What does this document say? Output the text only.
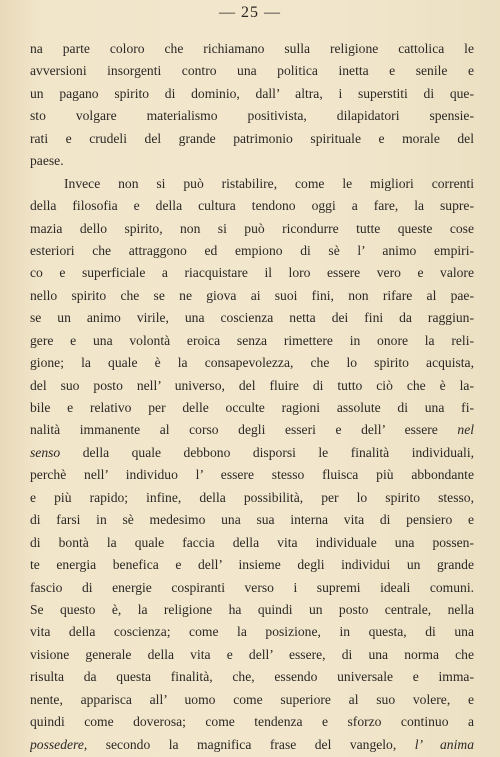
— 25 —
na parte coloro che richiamano sulla religione cattolica le
avversioni insorgenti contro una politica inetta e senile e
un pagano spirito di dominio, dall’ altra, i superstiti di que-
sto volgare materialismo positivista, dilapidatori spensie-
rati e crudeli del grande patrimonio spirituale e morale del
paese.
Invece non si può ristabilire, come le migliori correnti
della filosofia e della cultura tendono oggi a fare, la supre-
mazia dello spirito, non si può ricondurre tutte queste cose
esteriori che attraggono ed empiono di sè l’ animo empiri-
co e superficiale a riacquistare il loro essere vero e valore
nello spirito che se ne giova ai suoi fini, non rifare al pae-
se un animo virile, una coscienza netta dei fini da raggiun-
gere e una volontà eroica senza rimettere in onore la reli-
gione; la quale è la consapevolezza, che lo spirito acquista,
del suo posto nell’ universo, del fluire di tutto ciò che è la-
bile e relativo per delle occulte ragioni assolute di una fi-
nalità immanente al corso degli esseri e dell’ essere nel
senso della quale debbono disporsi le finalità individuali,
perchè nell’ individuo l’ essere stesso fluisca più abbondante
e più rapido; infine, della possibilità, per lo spirito stesso,
di farsi in sè medesimo una sua interna vita di pensiero e
di bontà la quale faccia della vita individuale una possen-
te energia benefica e dell’ insieme degli individui un grande
fascio di energie cospiranti verso i supremi ideali comuni.
Se questo è, la religione ha quindi un posto centrale, nella
vita della coscienza; come la posizione, in questa, di una
visione generale della vita e dell’ essere, di una norma che
risulta da questa finalità, che, essendo universale e imma-
nente, apparisca all’ uomo come superiore al suo volere, e
quindi come doverosa; come tendenza e sforzo continuo a
possedere, secondo la magnifica frase del vangelo, l’ anima
